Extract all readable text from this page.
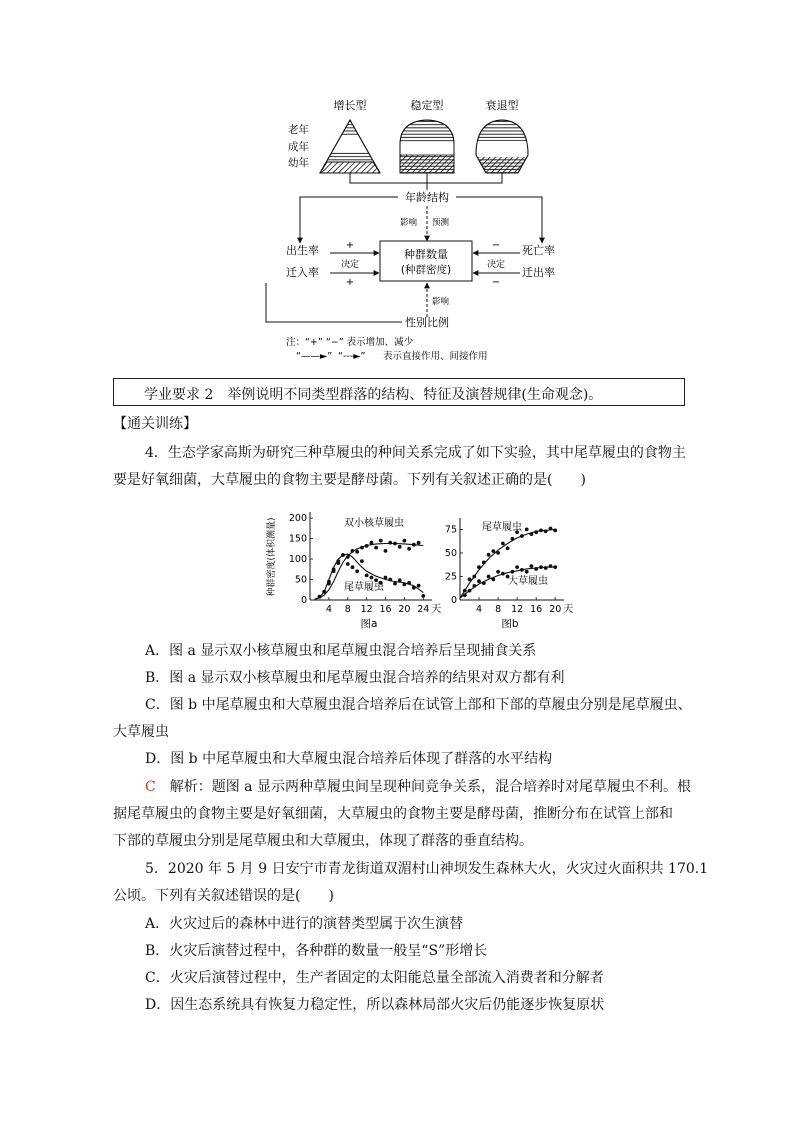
增长型	稳定型	衰退型
老年
成年
幼年
年龄结构
影响 预测
种群数量
(种群密度)
出生率
迁入率
+
决定
+
死亡率
迁出率
−
决定
−
影响
性别比例
注：“+” “−” 表示增加、减少
“——►” “---►” 表示直接作用、间接作用
学业要求 2　举例说明不同类型群落的结构、特征及演替规律(生命观念)。
【通关训练】
4．生态学家高斯为研究三种草履虫的种间关系完成了如下实验，其中尾草履虫的食物主
要是好氧细菌，大草履虫的食物主要是酵母菌。下列有关叙述正确的是(　　)
0
50
100
150
200
4 8 12 16 20 24 天
图a
种群密度(体积测量)	双小核草履虫
尾草履虫
0
25
50
75
4 8 12 16 20 天
图b
尾草履虫
大草履虫
A．图 a 显示双小核草履虫和尾草履虫混合培养后呈现捕食关系
B．图 a 显示双小核草履虫和尾草履虫混合培养的结果对双方都有利
C．图 b 中尾草履虫和大草履虫混合培养后在试管上部和下部的草履虫分别是尾草履虫、
大草履虫
D．图 b 中尾草履虫和大草履虫混合培养后体现了群落的水平结构
C　解析：题图 a 显示两种草履虫间呈现种间竞争关系，混合培养时对尾草履虫不利。根
据尾草履虫的食物主要是好氧细菌，大草履虫的食物主要是酵母菌，推断分布在试管上部和
下部的草履虫分别是尾草履虫和大草履虫，体现了群落的垂直结构。
5．2020 年 5 月 9 日安宁市青龙街道双湄村山神坝发生森林大火，火灾过火面积共 170.1
公顷。下列有关叙述错误的是(　　)
A．火灾过后的森林中进行的演替类型属于次生演替
B．火灾后演替过程中，各种群的数量一般呈“S”形增长
C．火灾后演替过程中，生产者固定的太阳能总量全部流入消费者和分解者
D．因生态系统具有恢复力稳定性，所以森林局部火灾后仍能逐步恢复原状
